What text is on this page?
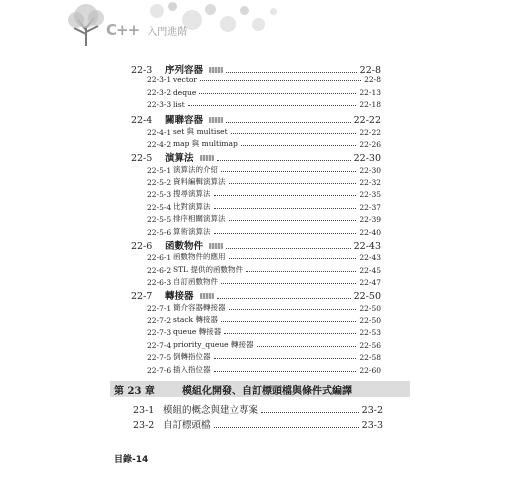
C++ 入門進階
22-3	序列容器	22-8
22-3-1 vector	22-8
22-3-2 deque	22-13
22-3-3 list	22-18
22-4	關聯容器	22-22
22-4-1 set 與 multiset	22-22
22-4-2 map 與 multimap	22-26
22-5	演算法	22-30
22-5-1 演算法的介紹	22-30
22-5-2 資料編輯演算法	22-32
22-5-3 搜尋演算法	22-35
22-5-4 比對演算法	22-37
22-5-5 排序相關演算法	22-39
22-5-6 算術演算法	22-40
22-6	函數物件	22-43
22-6-1 函數物件的應用	22-43
22-6-2 STL 提供的函數物件	22-45
22-6-3 自訂函數物件	22-47
22-7	轉接器	22-50
22-7-1 簡介容器轉接器	22-50
22-7-2 stack 轉接器	22-50
22-7-3 queue 轉接器	22-53
22-7-4 priority_queue 轉接器	22-56
22-7-5 倒轉指位器	22-58
22-7-6 插入指位器	22-60
第 23 章	模組化開發、自訂標頭檔與條件式編譯
23-1 模組的概念與建立專案	23-2
23-2 自訂標頭檔	23-3
目錄-14
